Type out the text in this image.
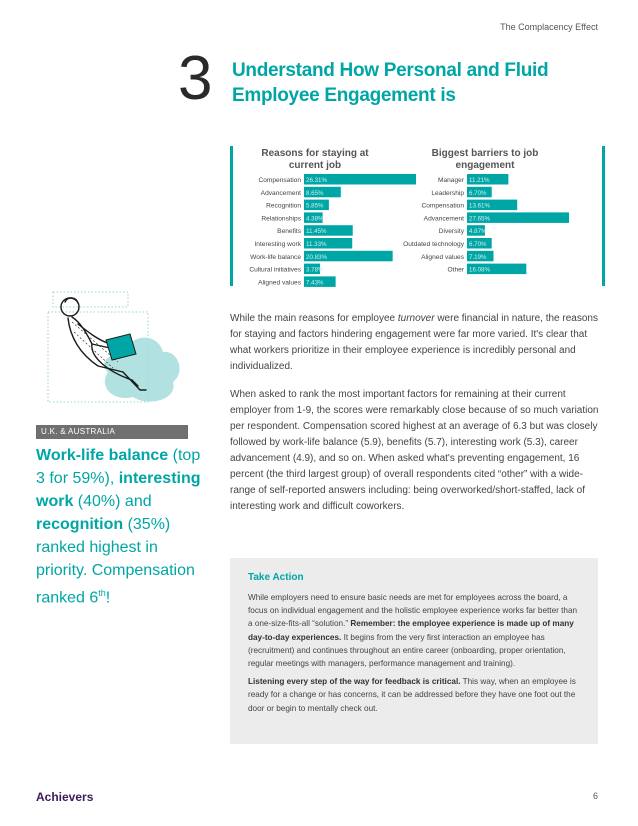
The Complacency Effect
3 Understand How Personal and Fluid Employee Engagement is
Reasons for staying at current job
Compensation 26.31%
Advancement 8.65%
Recognition 5.85%
Relationships 4.38%
Benefits 11.45%
Interesting work 11.33%
Work-life balance 20.83%
Cultural initiatives 3.78%
Aligned values 7.43%
Biggest barriers to job engagement
Manager 11.21%
Leadership 6.70%
Compensation 13.61%
Advancement 27.65%
Diversity 4.87%
Outdated technology 6.70%
Aligned values 7.19%
Other 16.08%
U.K. & AUSTRALIA
Work-life balance (top 3 for 59%), interesting work (40%) and recognition (35%) ranked highest in priority. Compensation ranked 6th!

While the main reasons for employee turnover were financial in nature, the reasons for staying and factors hindering engagement were far more varied. It's clear that what workers prioritize in their employee experience is incredibly personal and individualized.

When asked to rank the most important factors for remaining at their current employer from 1-9, the scores were remarkably close because of so much variation per respondent. Compensation scored highest at an average of 6.3 but was closely followed by work-life balance (5.9), benefits (5.7), interesting work (5.3), career advancement (4.9), and so on. When asked what's preventing engagement, 16 percent (the third largest group) of overall respondents cited “other” with a wide-range of self-reported answers including: being overworked/short-staffed, lack of interesting work and difficult coworkers.

Take Action

While employers need to ensure basic needs are met for employees across the board, a focus on individual engagement and the holistic employee experience works far better than a one-size-fits-all “solution.” Remember: the employee experience is made up of many day-to-day experiences. It begins from the very first interaction an employee has (recruitment) and continues throughout an entire career (onboarding, proper orientation, regular meetings with managers, performance management and training).

Listening every step of the way for feedback is critical. This way, when an employee is ready for a change or has concerns, it can be addressed before they have one foot out the door or begin to mentally check out.

Achievers	6
